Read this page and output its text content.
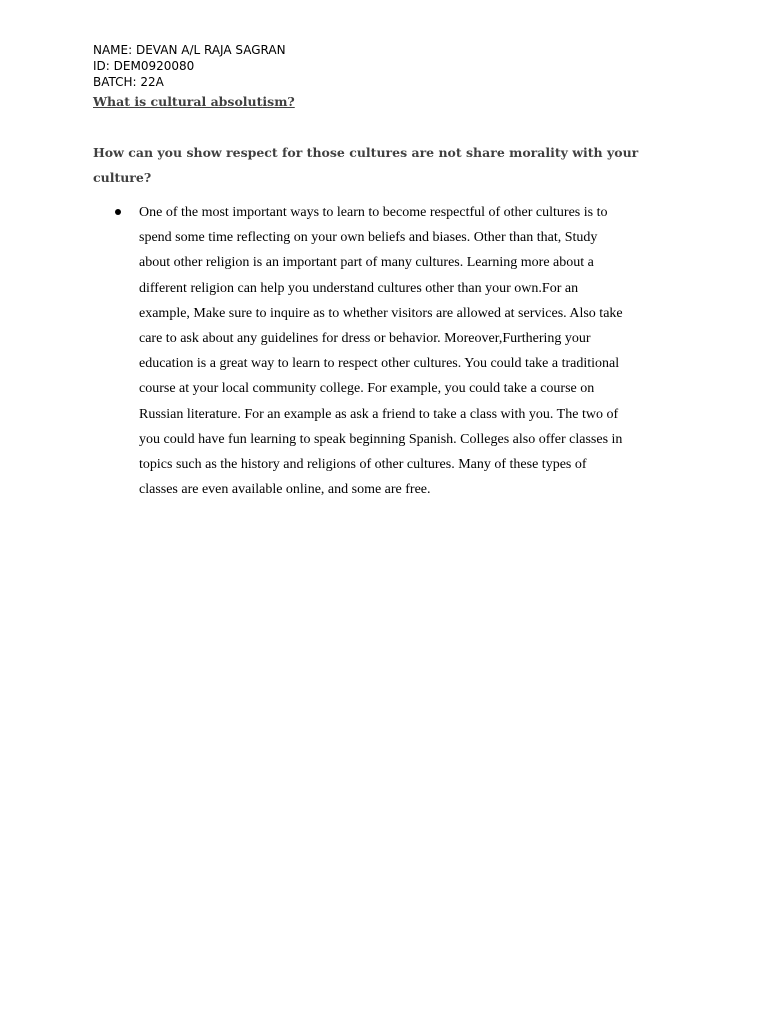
NAME: DEVAN A/L RAJA SAGRAN
ID: DEM0920080
BATCH: 22A
What is cultural absolutism?
How can you show respect for those cultures are not share morality with your culture?
One of the most important ways to learn to become respectful of other cultures is to
spend some time reflecting on your own beliefs and biases. Other than that, Study
about other religion is an important part of many cultures. Learning more about a
different religion can help you understand cultures other than your own.For an
example, Make sure to inquire as to whether visitors are allowed at services. Also take
care to ask about any guidelines for dress or behavior. Moreover,Furthering your
education is a great way to learn to respect other cultures. You could take a traditional
course at your local community college. For example, you could take a course on
Russian literature. For an example as ask a friend to take a class with you. The two of
you could have fun learning to speak beginning Spanish. Colleges also offer classes in
topics such as the history and religions of other cultures. Many of these types of
classes are even available online, and some are free.
